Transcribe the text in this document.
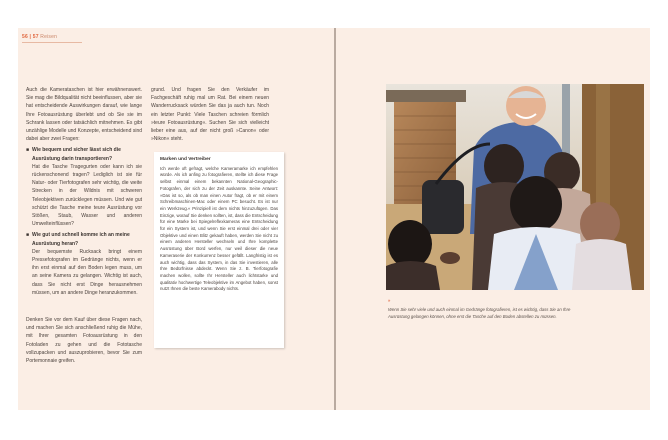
56 | 57 Reisen

Auch die Kamerataschen ist hier erwähnenswert. Sie mag die Bildqualität nicht beeinflussen, aber sie hat entscheidende Auswirkungen darauf, wie lange Ihre Fotoausrüstung überlebt und ob Sie sie im Schrank lassen oder tatsächlich mitnehmen. Es gibt unzählige Modelle und Konzepte, entscheidend sind dabei aber zwei Fragen:

■ Wie bequem und sicher lässt sich die Ausrüstung darin transportieren?
Hat die Tasche Tragegurten oder kann ich sie rückenschonend tragen? Lediglich ist sie für Natur- oder Tierfotografen sehr wichtig, die weite Strecken in der Wildnis mit schweren Teleobjektiven zurücklegen müssen. Und wie gut schützt die Tasche meine teure Ausrüstung vor Stößen, Staub, Wasser und anderen Umwelteinflüssen?
■ Wie gut und schnell komme ich an meine Ausrüstung heran?
Der bequemste Rucksack bringt einem Pressefotografen im Gedränge nichts, wenn er ihn erst einmal auf den Boden legen muss, um an seine Kamera zu gelangen. Wichtig ist auch, dass Sie nicht erst Dinge herausnehmen müssen, um an andere Dinge heranzukommen.

grund. Und fragen Sie den Verkäufer im Fachgeschäft ruhig mal um Rat. Bei einem neuen Wanderrucksack würden Sie das ja auch tun. Noch ein letzter Punkt: Viele Taschen schreien förmlich »teure Fotoausrüstung«. Suchen Sie sich vielleicht lieber eine aus, auf der nicht groß »Canon« oder »Nikon« steht.

Marken und Vertreiber

Ich werde oft gefragt, welche Kameramarke ich empfehlen würde. Als ich anfing zu fotografieren, stellte ich diese Frage selbst einmal einem bekannten National-Geographic-Fotografen, der sich zu der Zeit auskannte. Seine Antwort: »Das ist so, als ob man einen Autor fragt, ob er mit einem Schreibmaschinen-Mac oder einem PC besucht. Es ist nur ein Werkzeug.« Prinzipiell ist dem nichts hinzuzufügen. Das Einzige, worauf Sie denken sollten, ist, dass die Entscheidung für eine Marke bei Spiegelreflexkameras eine Entscheidung für ein System ist, und wenn Sie erst einmal drei oder vier Objektive und einen Blitz gekauft haben, werden Sie nicht zu einem anderen Hersteller wechseln und Ihre komplette Ausrüstung über Bord werfen, nur weil dieser die neue Kameraserie der Konkurrenz besser gefällt. Langfristig ist es auch wichtig, dass das System, in das Sie investieren, alle Ihre Bedürfnisse abdeckt. Wenn Sie z. B. Tierfotografie machen wollen, sollte Ihr Hersteller auch lichtstarke und qualitativ hochwertige Teleobjektive im Angebot haben, sonst nutzt Ihnen die beste Kamerabody nichts.

Denken Sie vor dem Kauf über diese Fragen nach, und machen Sie sich anschließend ruhig die Mühe, mit Ihrer gesamten Fotoausrüstung in den Fotoladen zu gehen und die Fototasche vollzupacken und auszuprobieren, bevor Sie zum Portemonnaie greifen.

»

Wenn Sie sehr viele und auch einmal im Gedränge fotografieren, ist es wichtig, dass Sie an Ihre Ausrüstung gelangen können, ohne erst die Tasche auf den Boden abstellen zu müssen.
